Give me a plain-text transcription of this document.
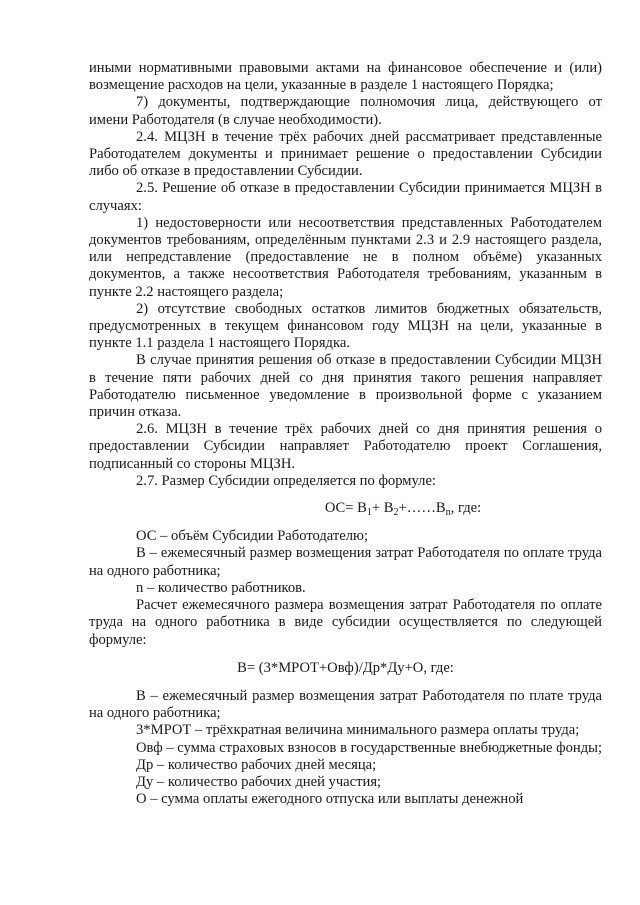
иными нормативными правовыми актами на финансовое обеспечение и (или) возмещение расходов на цели, указанные в разделе 1 настоящего Порядка;

7) документы, подтверждающие полномочия лица, действующего от имени Работодателя (в случае необходимости).

2.4. МЦЗН в течение трёх рабочих дней рассматривает представленные Работодателем документы и принимает решение о предоставлении Субсидии либо об отказе в предоставлении Субсидии.

2.5. Решение об отказе в предоставлении Субсидии принимается МЦЗН в случаях:

1) недостоверности или несоответствия представленных Работодателем документов требованиям, определённым пунктами 2.3 и 2.9 настоящего раздела, или непредставление (предоставление не в полном объёме) указанных документов, а также несоответствия Работодателя требованиям, указанным в пункте 2.2 настоящего раздела;

2) отсутствие свободных остатков лимитов бюджетных обязательств, предусмотренных в текущем финансовом году МЦЗН на цели, указанные в пункте 1.1 раздела 1 настоящего Порядка.

В случае принятия решения об отказе в предоставлении Субсидии МЦЗН в течение пяти рабочих дней со дня принятия такого решения направляет Работодателю письменное уведомление в произвольной форме с указанием причин отказа.

2.6. МЦЗН в течение трёх рабочих дней со дня принятия решения о предоставлении Субсидии направляет Работодателю проект Соглашения, подписанный со стороны МЦЗН.

2.7. Размер Субсидии определяется по формуле:

$ОС= В_1+$ $В_2+\dots\dots В_n$, где:

ОС – объём Субсидии Работодателю;

В – ежемесячный размер возмещения затрат Работодателя по оплате труда на одного работника;

n – количество работников.

Расчет ежемесячного размера возмещения затрат Работодателя по оплате труда на одного работника в виде субсидии осуществляется по следующей формуле:

В= (3*МРОТ+Овф)/Др*Ду+О, где:

В – ежемесячный размер возмещения затрат Работодателя по плате труда на одного работника;

3*МРОТ – трёхкратная величина минимального размера оплаты труда;

Овф – сумма страховых взносов в государственные внебюджетные фонды;

Др – количество рабочих дней месяца;

Ду – количество рабочих дней участия;

О – сумма оплаты ежегодного отпуска или выплаты денежной
